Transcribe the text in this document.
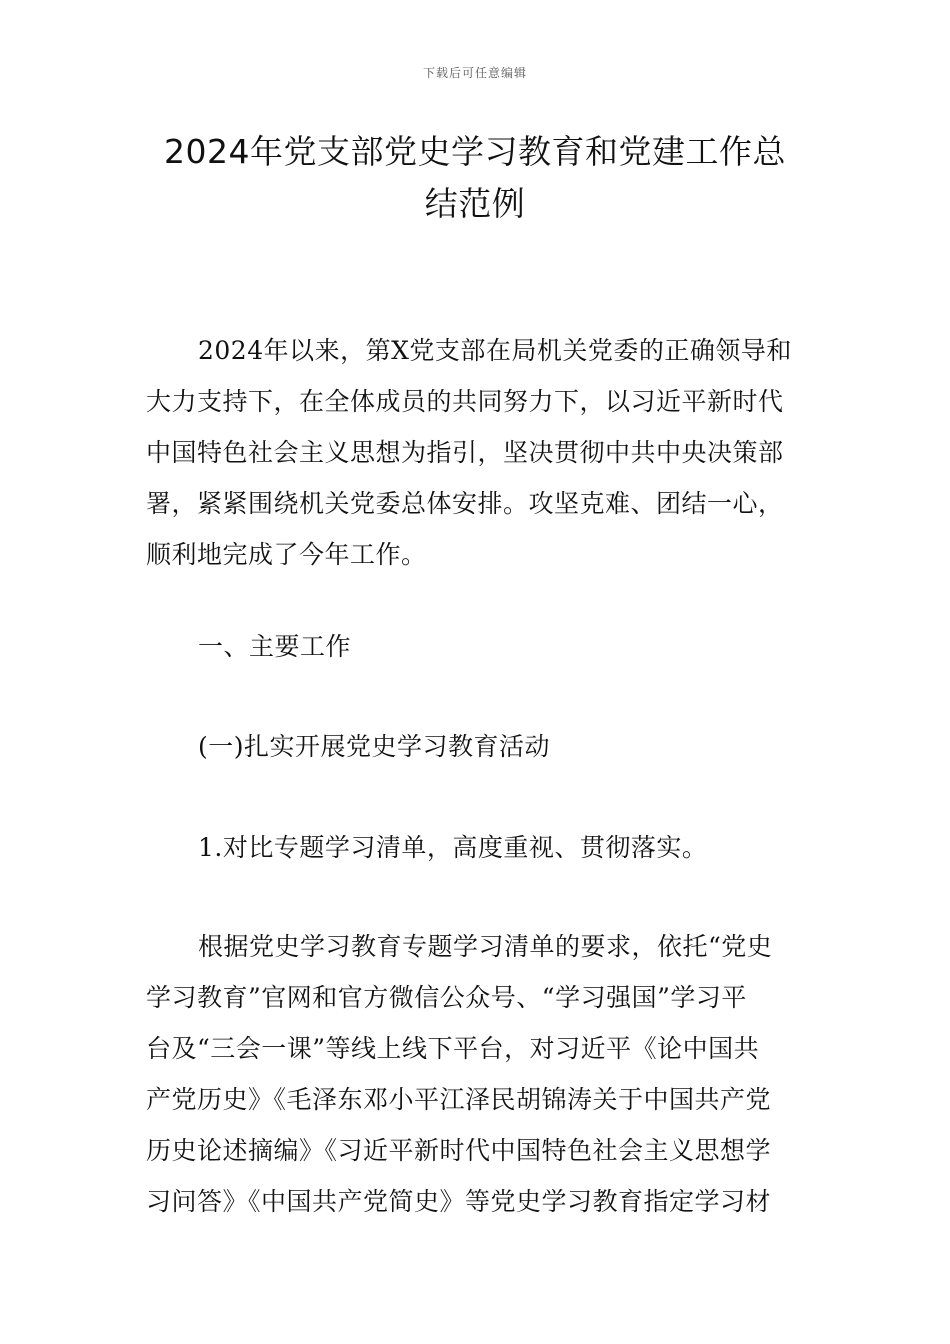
下载后可任意编辑
2024年党支部党史学习教育和党建工作总
结范例
2024年以来，第X党支部在局机关党委的正确领导和
大力支持下，在全体成员的共同努力下，以习近平新时代
中国特色社会主义思想为指引，坚决贯彻中共中央决策部
署，紧紧围绕机关党委总体安排。攻坚克难、团结一心，
顺利地完成了今年工作。
一、主要工作
(一)扎实开展党史学习教育活动
1.对比专题学习清单，高度重视、贯彻落实。
根据党史学习教育专题学习清单的要求，依托“党史
学习教育”官网和官方微信公众号、“学习强国”学习平
台及“三会一课”等线上线下平台，对习近平《论中国共
产党历史》《毛泽东邓小平江泽民胡锦涛关于中国共产党
历史论述摘编》《习近平新时代中国特色社会主义思想学
习问答》《中国共产党简史》等党史学习教育指定学习材
